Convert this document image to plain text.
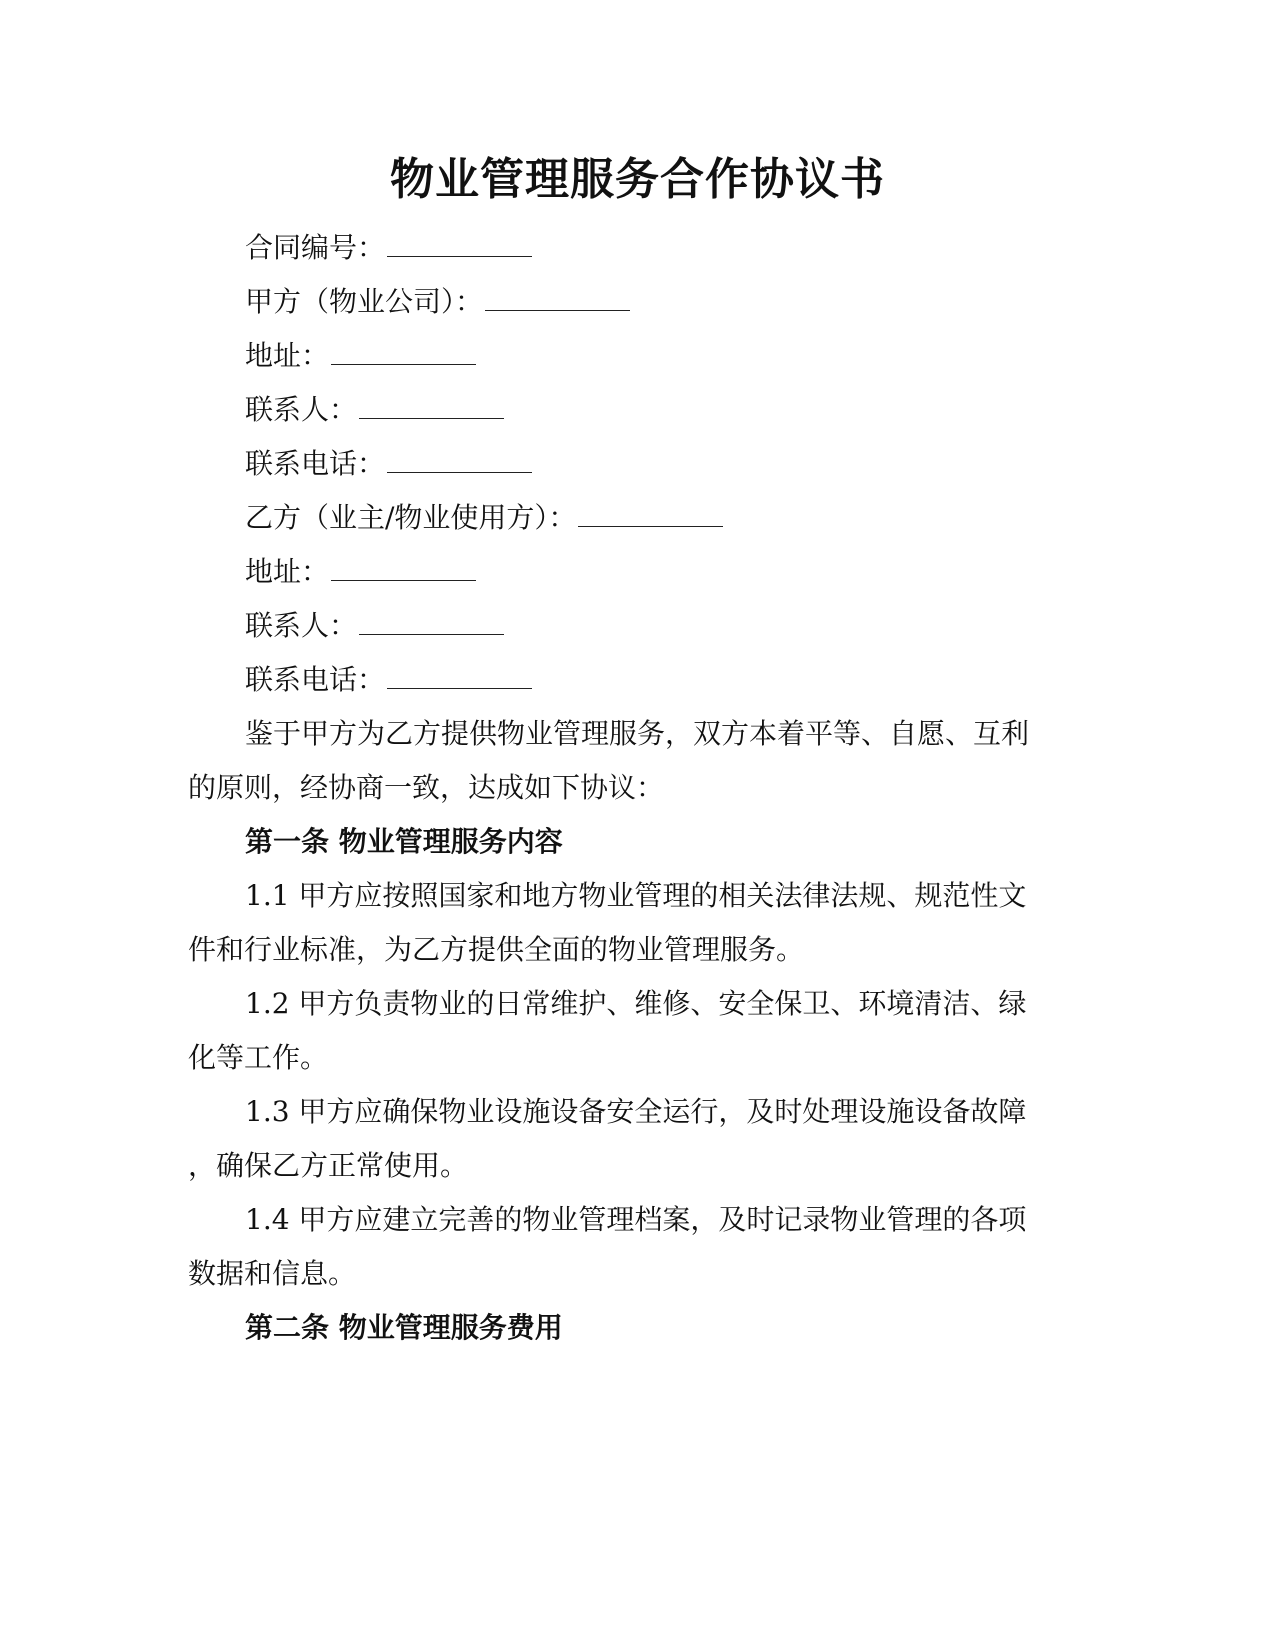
物业管理服务合作协议书
合同编号：
甲方（物业公司）：
地址：
联系人：
联系电话：
乙方（业主/物业使用方）：
地址：
联系人：
联系电话：
鉴于甲方为乙方提供物业管理服务，双方本着平等、自愿、互利
的原则，经协商一致，达成如下协议：
第一条 物业管理服务内容
1.1 甲方应按照国家和地方物业管理的相关法律法规、规范性文
件和行业标准，为乙方提供全面的物业管理服务。
1.2 甲方负责物业的日常维护、维修、安全保卫、环境清洁、绿
化等工作。
1.3 甲方应确保物业设施设备安全运行，及时处理设施设备故障
，确保乙方正常使用。
1.4 甲方应建立完善的物业管理档案，及时记录物业管理的各项
数据和信息。
第二条 物业管理服务费用
